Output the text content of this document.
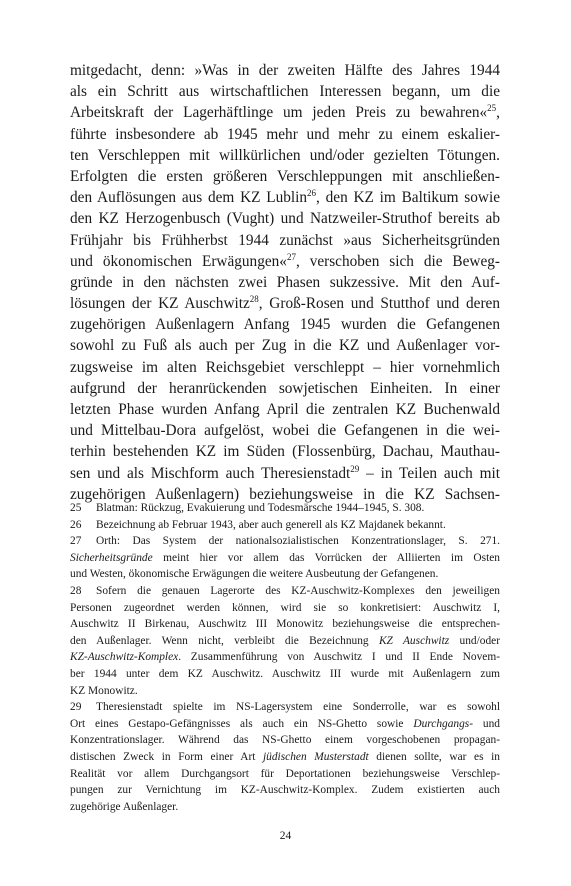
mitgedacht, denn: »Was in der zweiten Hälfte des Jahres 1944
als ein Schritt aus wirtschaftlichen Interessen begann, um die
Arbeitskraft der Lagerhäftlinge um jeden Preis zu bewahren«$^{25}$,
führte insbesondere ab 1945 mehr und mehr zu einem eskalier-
ten Verschleppen mit willkürlichen und/oder gezielten Tötungen.
Erfolgten die ersten größeren Verschleppungen mit anschließen-
den Auflösungen aus dem KZ Lublin$^{26}$, den KZ im Baltikum sowie
den KZ Herzogenbusch (Vught) und Natzweiler-Struthof bereits ab
Frühjahr bis Frühherbst 1944 zunächst »aus Sicherheitsgründen
und ökonomischen Erwägungen«$^{27}$, verschoben sich die Beweg-
gründe in den nächsten zwei Phasen sukzessive. Mit den Auf-
lösungen der KZ Auschwitz$^{28}$, Groß-Rosen und Stutthof und deren
zugehörigen Außenlagern Anfang 1945 wurden die Gefangenen
sowohl zu Fuß als auch per Zug in die KZ und Außenlager vor-
zugsweise im alten Reichsgebiet verschleppt – hier vornehmlich
aufgrund der heranrückenden sowjetischen Einheiten. In einer
letzten Phase wurden Anfang April die zentralen KZ Buchenwald
und Mittelbau-Dora aufgelöst, wobei die Gefangenen in die wei-
terhin bestehenden KZ im Süden (Flossenbürg, Dachau, Mauthau-
sen und als Mischform auch Theresienstadt$^{29}$ – in Teilen auch mit
zugehörigen Außenlagern) beziehungsweise in die KZ Sachsen-
25 Blatman: Rückzug, Evakuierung und Todesmärsche 1944–1945, S. 308.
26 Bezeichnung ab Februar 1943, aber auch generell als KZ Majdanek bekannt.
27 Orth: Das System der nationalsozialistischen Konzentrationslager, S. 271.
Sicherheitsgründe meint hier vor allem das Vorrücken der Alliierten im Osten
und Westen, ökonomische Erwägungen die weitere Ausbeutung der Gefangenen.
28 Sofern die genauen Lagerorte des KZ-Auschwitz-Komplexes den jeweiligen
Personen zugeordnet werden können, wird sie so konkretisiert: Auschwitz I,
Auschwitz II Birkenau, Auschwitz III Monowitz beziehungsweise die entsprechen-
den Außenlager. Wenn nicht, verbleibt die Bezeichnung KZ Auschwitz und/oder
KZ-Auschwitz-Komplex. Zusammenführung von Auschwitz I und II Ende Novem-
ber 1944 unter dem KZ Auschwitz. Auschwitz III wurde mit Außenlagern zum
KZ Monowitz.
29 Theresienstadt spielte im NS-Lagersystem eine Sonderrolle, war es sowohl
Ort eines Gestapo-Gefängnisses als auch ein NS-Ghetto sowie Durchgangs- und
Konzentrationslager. Während das NS-Ghetto einem vorgeschobenen propagan-
distischen Zweck in Form einer Art jüdischen Musterstadt dienen sollte, war es in
Realität vor allem Durchgangsort für Deportationen beziehungsweise Verschlep-
pungen zur Vernichtung im KZ-Auschwitz-Komplex. Zudem existierten auch
zugehörige Außenlager.
24
